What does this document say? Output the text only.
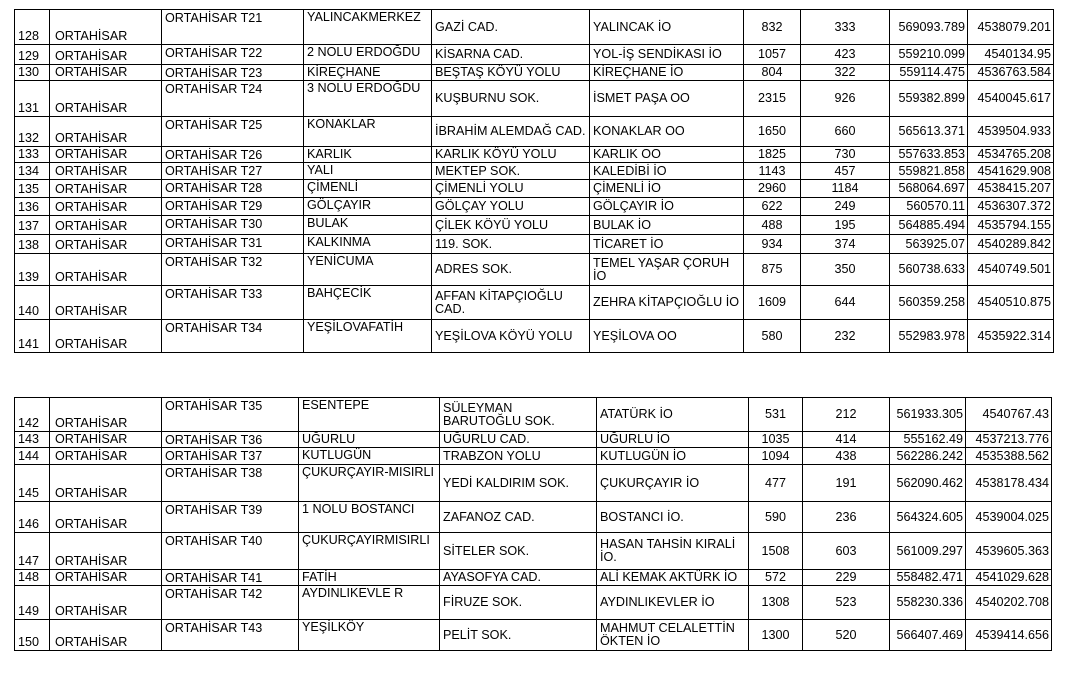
128	ORTAHİSAR	ORTAHİSAR T21	YALINCAKMERKEZ	GAZİ CAD.	YALINCAK İO	832	333	569093.789	4538079.201
129	ORTAHİSAR	ORTAHİSAR T22	2 NOLU ERDOĞDU	KİSARNA CAD.	YOL-İŞ SENDİKASI İO	1057	423	559210.099	4540134.95
130	ORTAHİSAR	ORTAHİSAR T23	KİREÇHANE	BEŞTAŞ KÖYÜ YOLU	KİREÇHANE İO	804	322	559114.475	4536763.584
131	ORTAHİSAR	ORTAHİSAR T24	3 NOLU ERDOĞDU	KUŞBURNU SOK.	İSMET PAŞA OO	2315	926	559382.899	4540045.617
132	ORTAHİSAR	ORTAHİSAR T25	KONAKLAR	İBRAHİM ALEMDAĞ CAD.	KONAKLAR OO	1650	660	565613.371	4539504.933
133	ORTAHİSAR	ORTAHİSAR T26	KARLIK	KARLIK KÖYÜ YOLU	KARLIK OO	1825	730	557633.853	4534765.208
134	ORTAHİSAR	ORTAHİSAR T27	YALI	MEKTEP SOK.	KALEDİBİ İO	1143	457	559821.858	4541629.908
135	ORTAHİSAR	ORTAHİSAR T28	ÇİMENLİ	ÇİMENLİ YOLU	ÇİMENLİ İO	2960	1184	568064.697	4538415.207
136	ORTAHİSAR	ORTAHİSAR T29	GÖLÇAYIR	GÖLÇAY YOLU	GÖLÇAYIR İO	622	249	560570.11	4536307.372
137	ORTAHİSAR	ORTAHİSAR T30	BULAK	ÇİLEK KÖYÜ YOLU	BULAK İO	488	195	564885.494	4535794.155
138	ORTAHİSAR	ORTAHİSAR T31	KALKINMA	119. SOK.	TİCARET İO	934	374	563925.07	4540289.842
139	ORTAHİSAR	ORTAHİSAR T32	YENİCUMA	ADRES SOK.	TEMEL YAŞAR ÇORUH İO	875	350	560738.633	4540749.501
140	ORTAHİSAR	ORTAHİSAR T33	BAHÇECİK	AFFAN KİTAPÇIOĞLU CAD.	ZEHRA KİTAPÇIOĞLU İO	1609	644	560359.258	4540510.875
141	ORTAHİSAR	ORTAHİSAR T34	YEŞİLOVAFATİH	YEŞİLOVA KÖYÜ YOLU	YEŞİLOVA OO	580	232	552983.978	4535922.314
142	ORTAHİSAR	ORTAHİSAR T35	ESENTEPE	SÜLEYMAN BARUTOĞLU SOK.	ATATÜRK İO	531	212	561933.305	4540767.43
143	ORTAHİSAR	ORTAHİSAR T36	UĞURLU	UĞURLU CAD.	UĞURLU İO	1035	414	555162.49	4537213.776
144	ORTAHİSAR	ORTAHİSAR T37	KUTLUGÜN	TRABZON YOLU	KUTLUGÜN İO	1094	438	562286.242	4535388.562
145	ORTAHİSAR	ORTAHİSAR T38	ÇUKURÇAYIR-MISIRLI	YEDİ KALDIRIM SOK.	ÇUKURÇAYIR İO	477	191	562090.462	4538178.434
146	ORTAHİSAR	ORTAHİSAR T39	1 NOLU BOSTANCI	ZAFANOZ CAD.	BOSTANCI İO.	590	236	564324.605	4539004.025
147	ORTAHİSAR	ORTAHİSAR T40	ÇUKURÇAYIRMISIRLI	SİTELER SOK.	HASAN TAHSİN KIRALİ İO.	1508	603	561009.297	4539605.363
148	ORTAHİSAR	ORTAHİSAR T41	FATİH	AYASOFYA CAD.	ALİ KEMAK AKTÜRK İO	572	229	558482.471	4541029.628
149	ORTAHİSAR	ORTAHİSAR T42	AYDINLIKEVLE R	FİRUZE SOK.	AYDINLIKEVLER İO	1308	523	558230.336	4540202.708
150	ORTAHİSAR	ORTAHİSAR T43	YEŞİLKÖY	PELİT SOK.	MAHMUT CELALETTİN ÖKTEN İO	1300	520	566407.469	4539414.656
